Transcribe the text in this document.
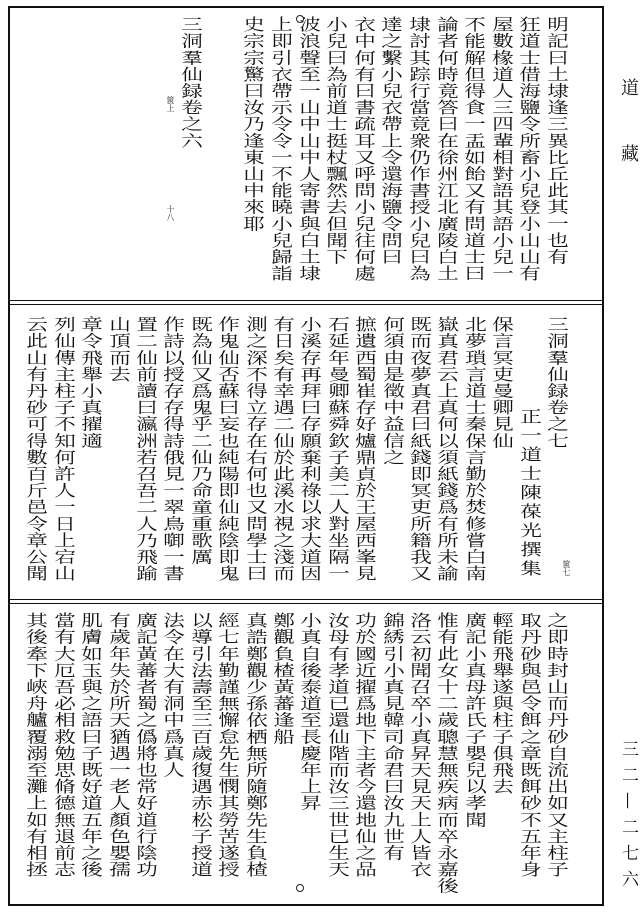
明記曰土埭逢三異比丘此其一也有
狂道士借海鹽令所畜小兒登小山山有
屋數椽道人三四輩相對語其語小兒一
不能解但得食一盂如飴又有問道士曰
論者何時竟答曰在徐州江北廣陵白土
埭討其踪行當竟衆仍作書授小兒曰為
達之繫小兒衣帶上令還海鹽令問曰
衣中何有曰書疏耳又呼問小兒往何處
小兒曰為前道士挺杖飄然去但聞下
波浪聲至一山中山中人寄書與白土埭
上即引衣帶示令令一不能曉小兒歸詣
史宗宗驚曰汝乃逢東山中來耶
三洞羣仙録卷之六
篋上
十八
三洞羣仙録卷之七
正一道士陳葆光撰集
保言冥吏曼卿見仙
北夢瑣言道士秦保言勤於焚修嘗白南
嶽真君云上真何以須紙錢爲有所未諭
既而夜夢真君曰紙錢即冥吏所籍我又
何須由是徵中益信之
摭遺西蜀崔存好爐鼎貞於王屋西峯見
石延年曼卿蘇舜欽子美二人對坐隔一
小溪存再拜曰存願棄利祿以求大道因
有日矣有幸遇二仙於此溪水視之淺而
測之深不得立存在右何也又問學士曰
作鬼仙否蘇曰妄也純陽即仙純陰即鬼
既為仙又爲鬼乎二仙乃命童重歌厲
作詩以授存存得詩俄見一翠鳥啣一書
置二仙前讀曰瀛洲若召吾二人乃飛踰
山頂而去
章令飛舉小真擢適
列仙傳主柱子不知何許人一日上宕山
云此山有丹砂可得數百斤邑令章公聞	篋七
之即時封山而丹砂自流出如又主柱子
取丹砂與邑令餌之章既餌砂不五年身
輕能飛舉遂與柱子俱飛去
廣記小真母許氏子嬰兒以孝聞
惟有此女十二歲聰慧無疾病而卒永嘉後
洛云初聞召卒小真昇天見天上人皆衣
錦綉引小真見韓司命君曰汝九世有
功於國近擢爲地下主者今還地仙之品
汝母有孝道已還仙階而汝三世已生天
小真自後泰道至長慶年上昇
鄭觀負楂黃蕃逢船
真誥鄭觀少孫依栖無所隨鄭先生負楂
經七年勤謹無懈怠先生憫其勞苦遂授
以導引法壽至三百歲復遇赤松子授道
法令在大有洞中爲真人
廣記黃蕃者蜀之僞將也常好道行陰功
有歲年失於所天猶遇一老人顏色嬰孺
肌膚如玉與之語曰子既好道五年之後
當有大厄吾必相救勉思脩德無退前志
其後牽下峽舟艫覆溺至灘上如有相拯
道
藏
三二—二七六
